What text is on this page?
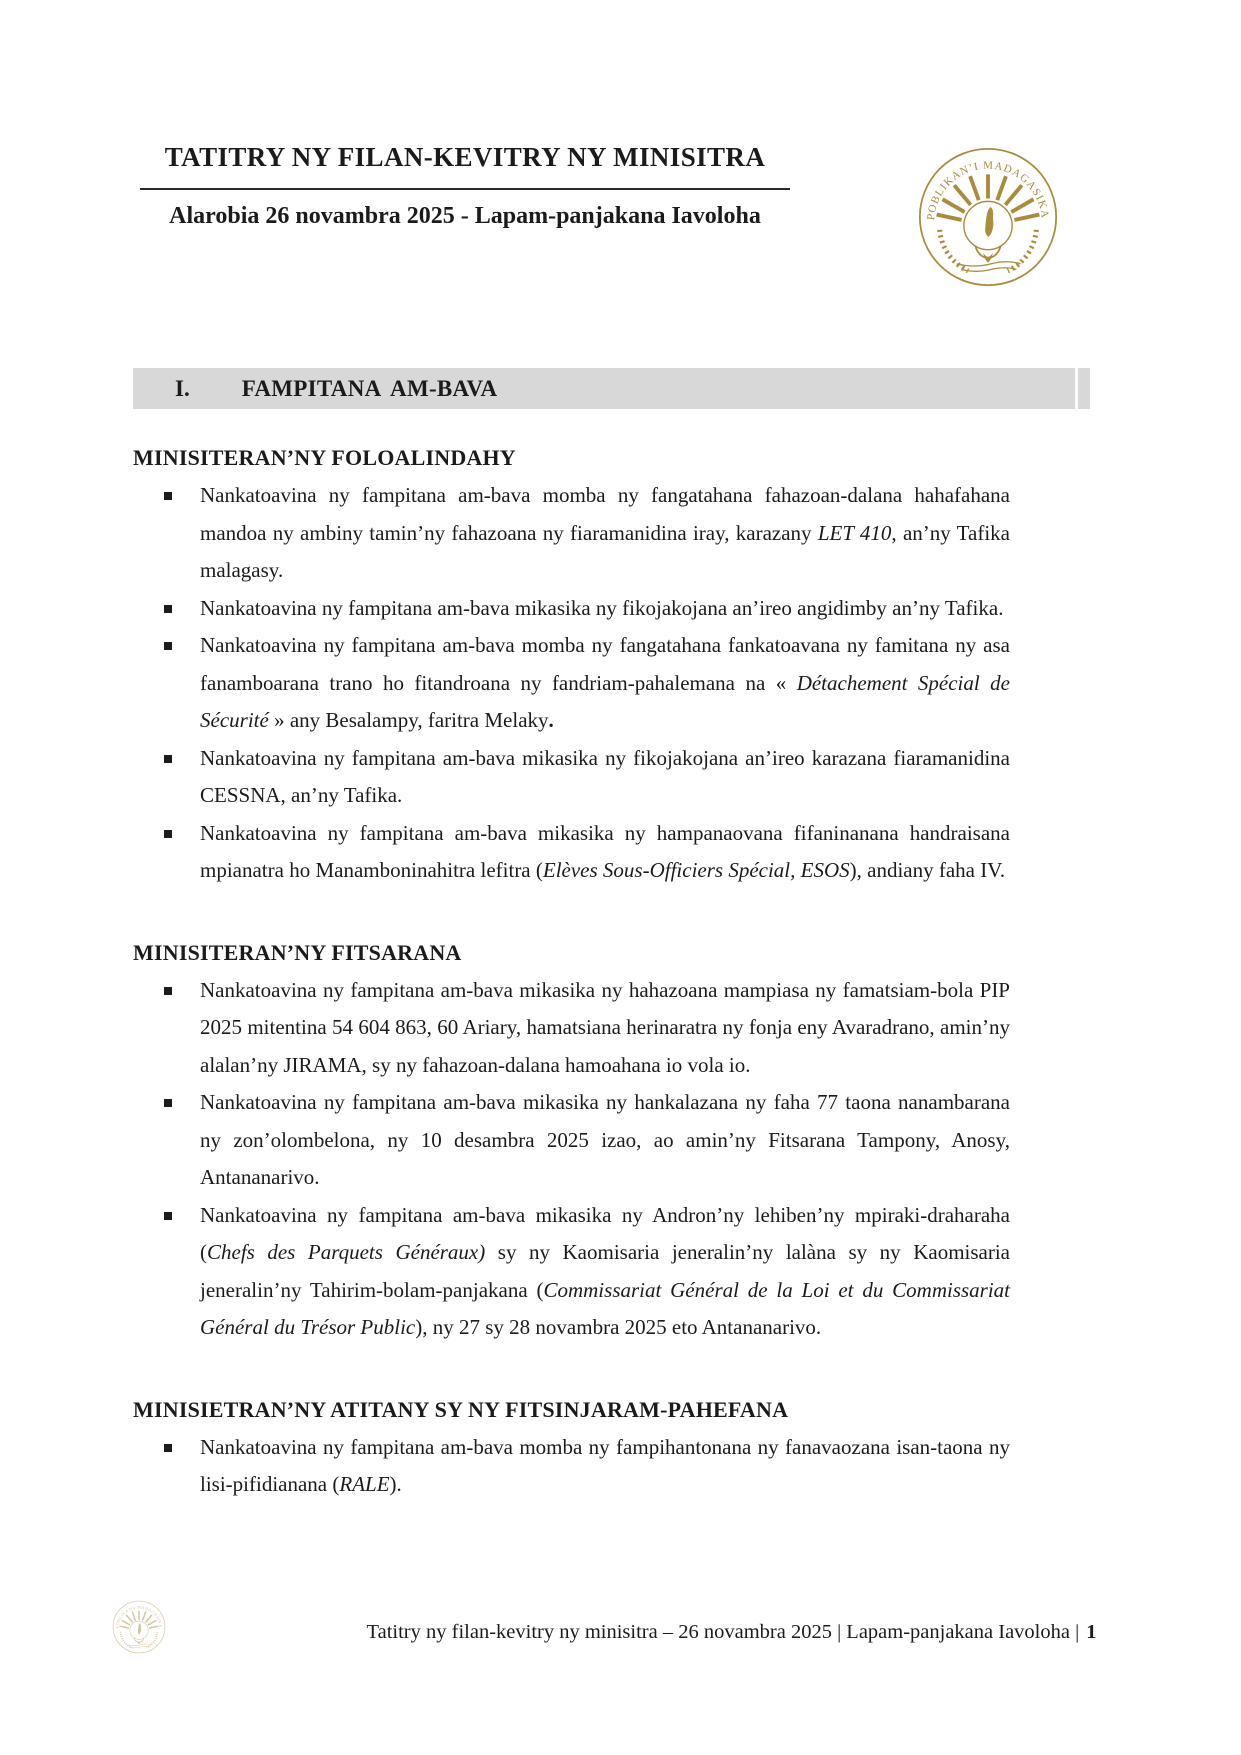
TATITRY NY FILAN-KEVITRY NY MINISITRA
Alarobia 26 novambra 2025 - Lapam-panjakana Iavoloha
I. FAMPITANA AM-BAVA
MINISITERAN’NY FOLOALINDAHY
Nankatoavina ny fampitana am-bava momba ny fangatahana fahazoan-dalana hahafahana mandoa ny ambiny tamin’ny fahazoana ny fiaramanidina iray, karazany LET 410, an’ny Tafika malagasy.
Nankatoavina ny fampitana am-bava mikasika ny fikojakojana an’ireo angidimby an’ny Tafika.
Nankatoavina ny fampitana am-bava momba ny fangatahana fankatoavana ny famitana ny asa fanamboarana trano ho fitandroana ny fandriam-pahalemana na « Détachement Spécial de Sécurité » any Besalampy, faritra Melaky.
Nankatoavina ny fampitana am-bava mikasika ny fikojakojana an’ireo karazana fiaramanidina CESSNA, an’ny Tafika.
Nankatoavina ny fampitana am-bava mikasika ny hampanaovana fifaninanana handraisana mpianatra ho Manamboninahitra lefitra (Elèves Sous-Officiers Spécial, ESOS), andiany faha IV.
MINISITERAN’NY FITSARANA
Nankatoavina ny fampitana am-bava mikasika ny hahazoana mampiasa ny famatsiam-bola PIP 2025 mitentina 54 604 863, 60 Ariary, hamatsiana herinaratra ny fonja eny Avaradrano, amin’ny alalan’ny JIRAMA, sy ny fahazoan-dalana hamoahana io vola io.
Nankatoavina ny fampitana am-bava mikasika ny hankalazana ny faha 77 taona nanambarana ny zon’olombelona, ny 10 desambra 2025 izao, ao amin’ny Fitsarana Tampony, Anosy, Antananarivo.
Nankatoavina ny fampitana am-bava mikasika ny Andron’ny lehiben’ny mpiraki-draharaha (Chefs des Parquets Généraux) sy ny Kaomisaria jeneralin’ny lalàna sy ny Kaomisaria jeneralin’ny Tahirim-bolam-panjakana (Commissariat Général de la Loi et du Commissariat Général du Trésor Public), ny 27 sy 28 novambra 2025 eto Antananarivo.
MINISIETRAN’NY ATITANY SY NY FITSINJARAM-PAHEFANA
Nankatoavina ny fampitana am-bava momba ny fampihantonana ny fanavaozana isan-taona ny lisi-pifidianana (RALE).
Tatitry ny filan-kevitry ny minisitra – 26 novambra 2025 | Lapam-panjakana Iavoloha | 1
